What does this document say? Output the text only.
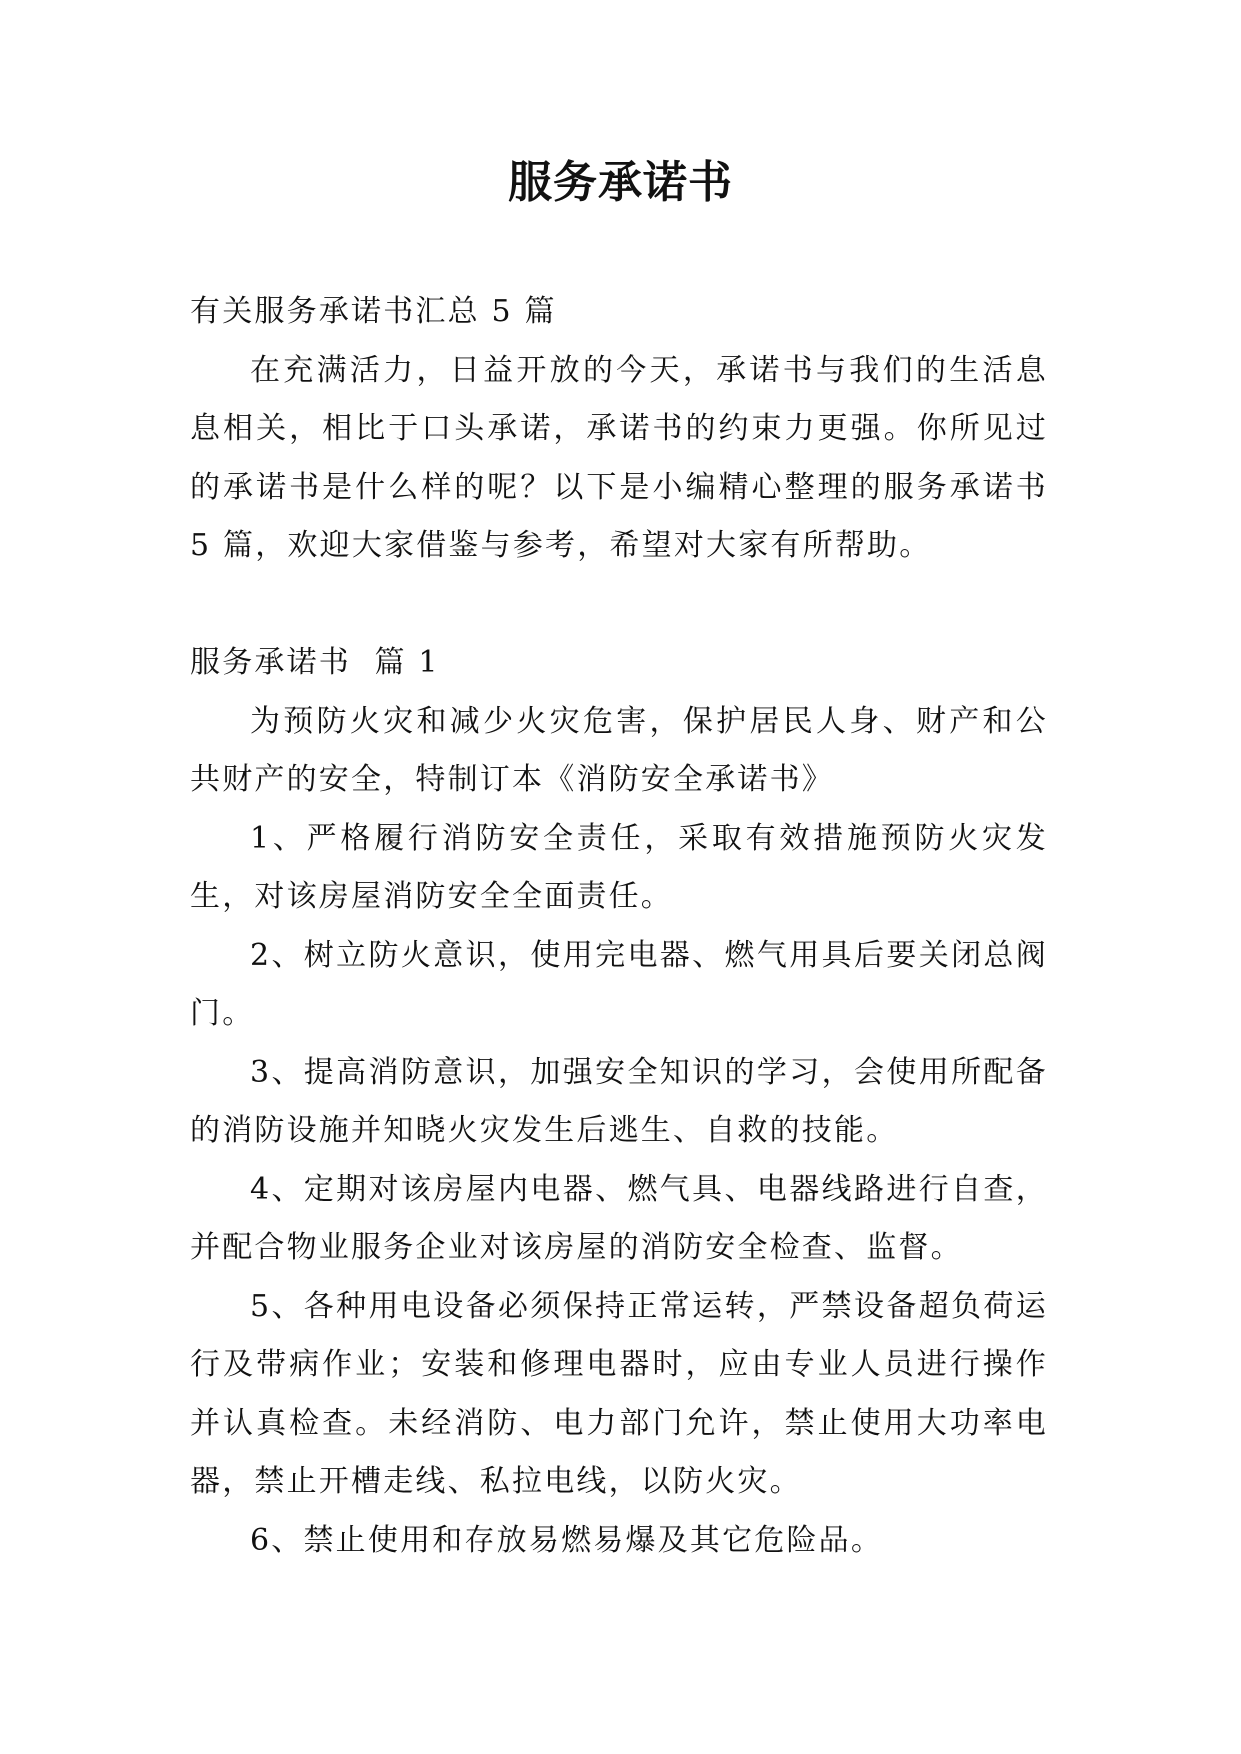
服务承诺书

有关服务承诺书汇总 5 篇

在充满活力，日益开放的今天，承诺书与我们的生活息息相关，相比于口头承诺，承诺书的约束力更强。你所见过的承诺书是什么样的呢？以下是小编精心整理的服务承诺书 5 篇，欢迎大家借鉴与参考，希望对大家有所帮助。

服务承诺书  篇 1

为预防火灾和减少火灾危害，保护居民人身、财产和公共财产的安全，特制订本《消防安全承诺书》

1、严格履行消防安全责任，采取有效措施预防火灾发生，对该房屋消防安全全面责任。

2、树立防火意识，使用完电器、燃气用具后要关闭总阀门。

3、提高消防意识，加强安全知识的学习，会使用所配备的消防设施并知晓火灾发生后逃生、自救的技能。

4、定期对该房屋内电器、燃气具、电器线路进行自查，并配合物业服务企业对该房屋的消防安全检查、监督。

5、各种用电设备必须保持正常运转，严禁设备超负荷运行及带病作业；安装和修理电器时，应由专业人员进行操作并认真检查。未经消防、电力部门允许，禁止使用大功率电器，禁止开槽走线、私拉电线，以防火灾。

6、禁止使用和存放易燃易爆及其它危险品。
